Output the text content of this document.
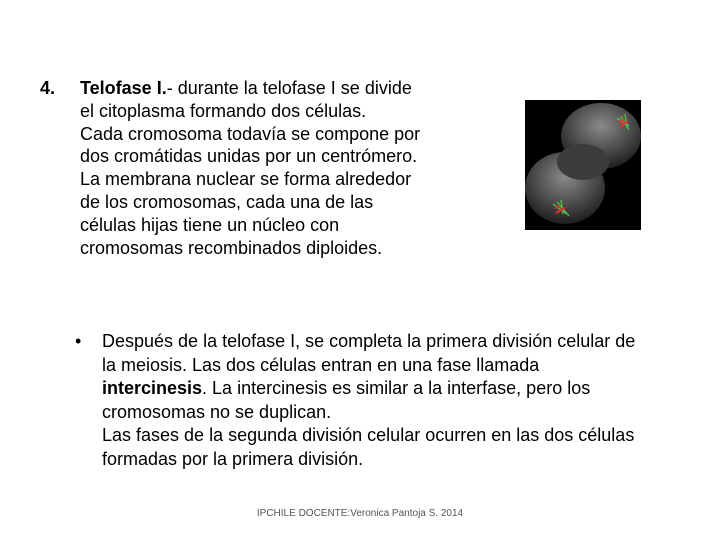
4. Telofase I.- durante la telofase I se divide
el citoplasma formando dos células.
Cada cromosoma todavía se compone por
dos cromátidas unidas por un centrómero.
La membrana nuclear se forma alrededor
de los cromosomas, cada una de las
células hijas tiene un núcleo con
cromosomas recombinados diploides.
• Después de la telofase I, se completa la primera división celular de
la meiosis. Las dos células entran en una fase llamada
intercinesis. La intercinesis es similar a la interfase, pero los
cromosomas no se duplican.
Las fases de la segunda división celular ocurren en las dos células
formadas por la primera división.
IPCHILE DOCENTE:Veronica Pantoja S. 2014
